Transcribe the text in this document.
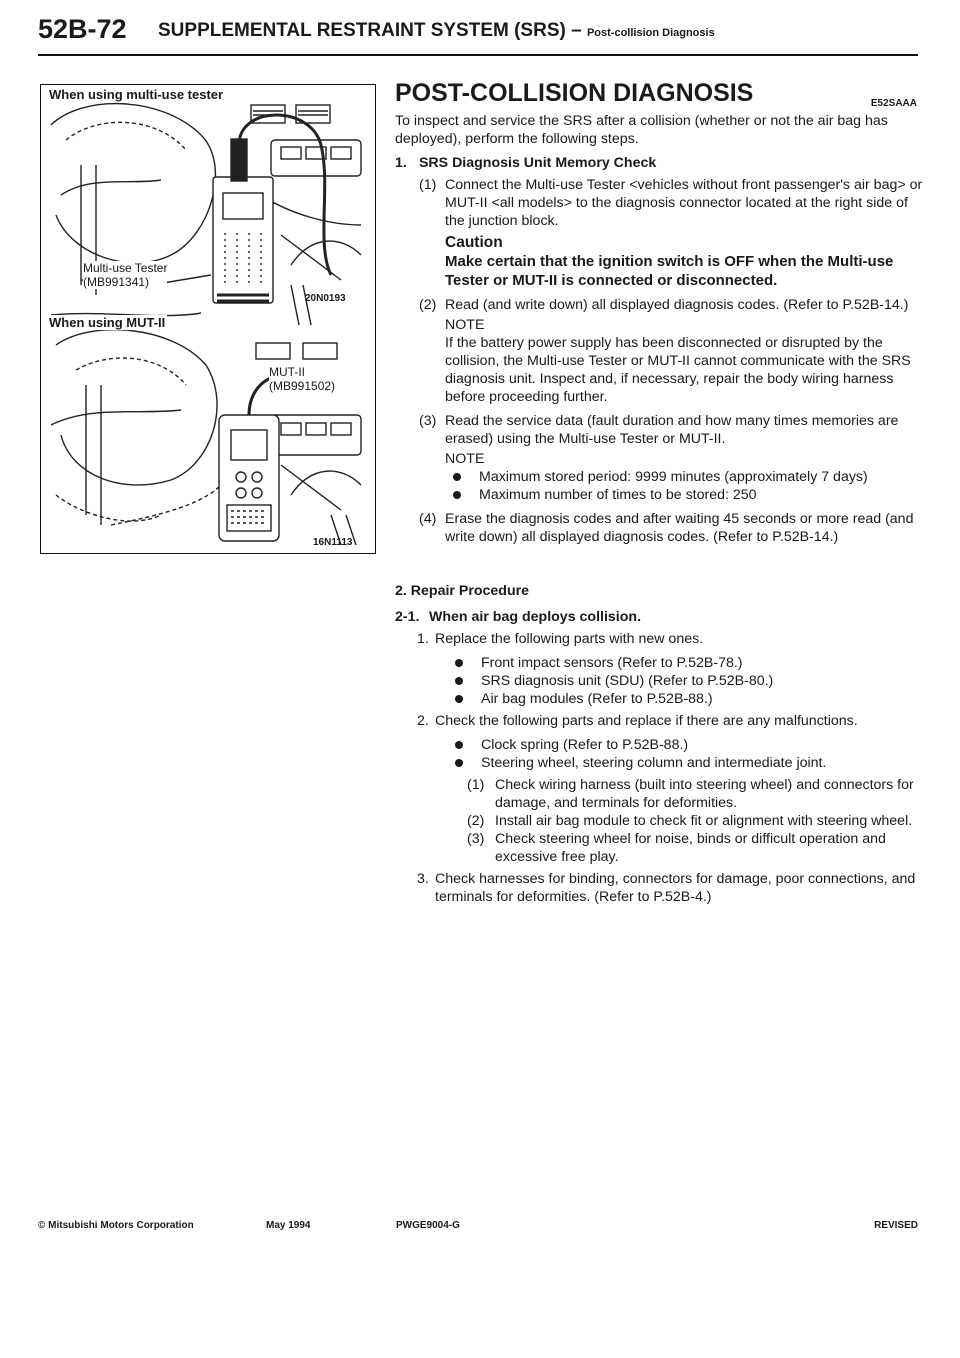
52B-72 SUPPLEMENTAL RESTRAINT SYSTEM (SRS) – Post-collision Diagnosis
When using multi-use tester
Multi-use Tester
(MB991341)
20N0193
When using MUT-II
MUT-II
(MB991502)
16N1113
POST-COLLISION DIAGNOSIS	E52SAAA

To inspect and service the SRS after a collision (whether or not the air bag has deployed), perform the following steps.

1. SRS Diagnosis Unit Memory Check
(1) Connect the Multi-use Tester <vehicles without front passenger's air bag> or MUT-II <all models> to the diagnosis connector located at the right side of the junction block.

Caution
Make certain that the ignition switch is OFF when the Multi-use Tester or MUT-II is connected or disconnected.
(2) Read (and write down) all displayed diagnosis codes. (Refer to P.52B-14.)

NOTE

If the battery power supply has been disconnected or disrupted by the collision, the Multi-use Tester or MUT-II cannot communicate with the SRS diagnosis unit. Inspect and, if necessary, repair the body wiring harness before proceeding further.

(3) Read the service data (fault duration and how many times memories are erased) using the Multi-use Tester or MUT-II.

NOTE
Maximum stored period: 9999 minutes (approximately 7 days)
Maximum number of times to be stored: 250
(4) Erase the diagnosis codes and after waiting 45 seconds or more read (and write down) all displayed diagnosis codes. (Refer to P.52B-14.)

2. Repair Procedure
2-1. When air bag deploys collision.
1. Replace the following parts with new ones.

Front impact sensors (Refer to P.52B-78.)
SRS diagnosis unit (SDU) (Refer to P.52B-80.)
Air bag modules (Refer to P.52B-88.)
2. Check the following parts and replace if there are any malfunctions.

Clock spring (Refer to P.52B-88.)
Steering wheel, steering column and intermediate joint.
(1) Check wiring harness (built into steering wheel) and connectors for damage, and terminals for deformities.

(2) Install air bag module to check fit or alignment with steering wheel.

(3) Check steering wheel for noise, binds or difficult operation and excessive free play.

3. Check harnesses for binding, connectors for damage, poor connections, and terminals for deformities. (Refer to P.52B-4.)

© Mitsubishi Motors Corporation	May 1994	PWGE9004-G	REVISED
